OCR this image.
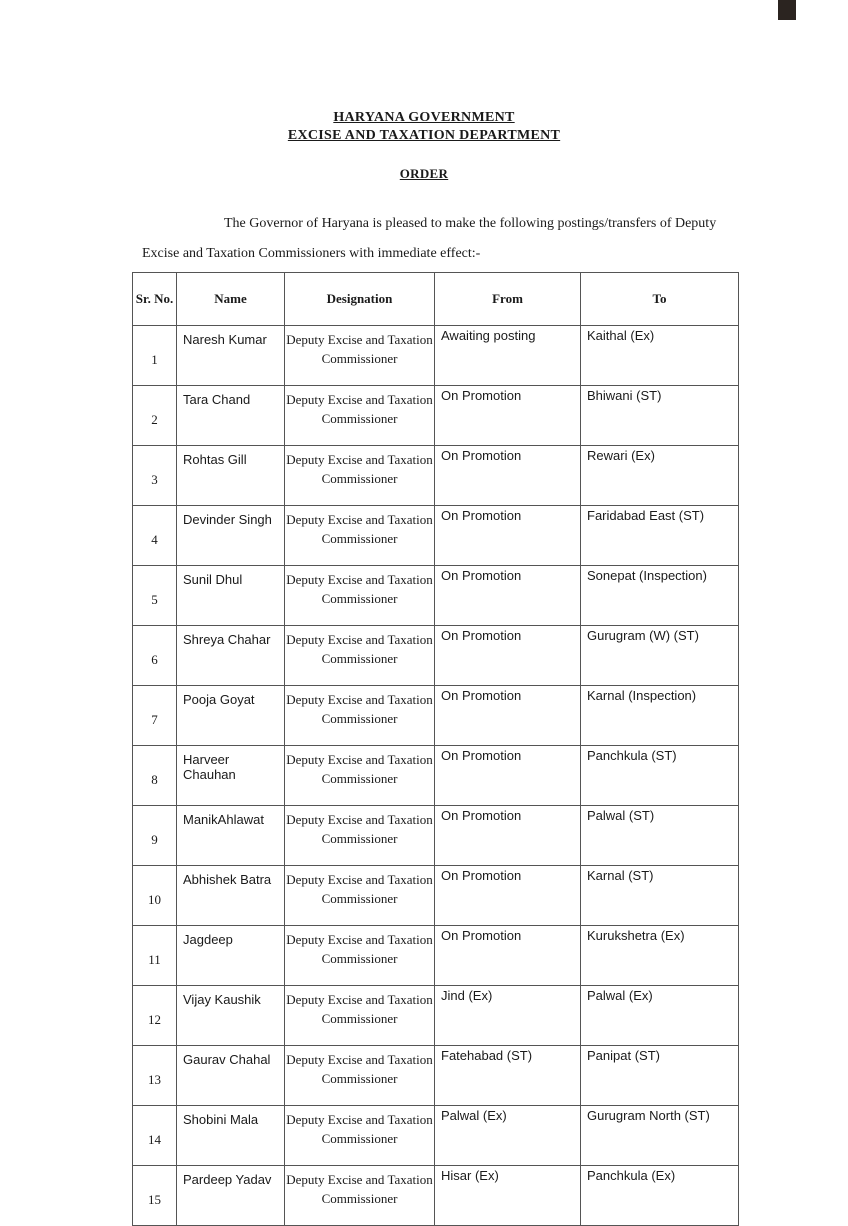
HARYANA GOVERNMENT
EXCISE AND TAXATION DEPARTMENT
ORDER
The Governor of Haryana is pleased to make the following postings/transfers of Deputy Excise and Taxation Commissioners with immediate effect:-
Sr. No.	Name	Designation	From	To
1	Naresh Kumar	Deputy Excise and Taxation Commissioner	Awaiting posting	Kaithal (Ex)
2	Tara Chand	Deputy Excise and Taxation Commissioner	On Promotion	Bhiwani (ST)
3	Rohtas Gill	Deputy Excise and Taxation Commissioner	On Promotion	Rewari (Ex)
4	Devinder Singh	Deputy Excise and Taxation Commissioner	On Promotion	Faridabad East (ST)
5	Sunil Dhul	Deputy Excise and Taxation Commissioner	On Promotion	Sonepat (Inspection)
6	Shreya Chahar	Deputy Excise and Taxation Commissioner	On Promotion	Gurugram (W) (ST)
7	Pooja Goyat	Deputy Excise and Taxation Commissioner	On Promotion	Karnal (Inspection)
8	Harveer Chauhan	Deputy Excise and Taxation Commissioner	On Promotion	Panchkula (ST)
9	ManikAhlawat	Deputy Excise and Taxation Commissioner	On Promotion	Palwal (ST)
10	Abhishek Batra	Deputy Excise and Taxation Commissioner	On Promotion	Karnal (ST)
11	Jagdeep	Deputy Excise and Taxation Commissioner	On Promotion	Kurukshetra (Ex)
12	Vijay Kaushik	Deputy Excise and Taxation Commissioner	Jind (Ex)	Palwal (Ex)
13	Gaurav Chahal	Deputy Excise and Taxation Commissioner	Fatehabad (ST)	Panipat (ST)
14	Shobini Mala	Deputy Excise and Taxation Commissioner	Palwal (Ex)	Gurugram North (ST)
15	Pardeep Yadav	Deputy Excise and Taxation Commissioner	Hisar (Ex)	Panchkula (Ex)
